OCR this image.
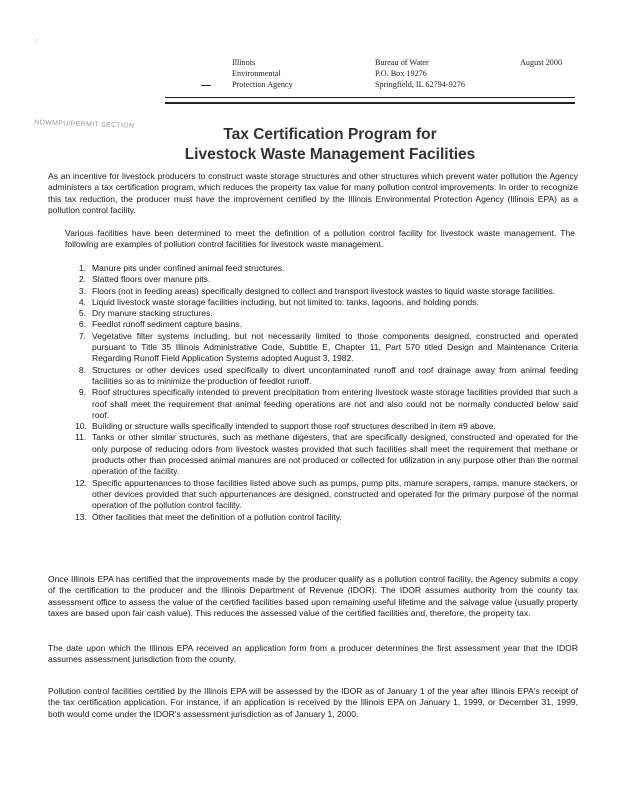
,
Illinois
Environmental
Protection Agency
Bureau of Water
P.O. Box 19276
Springfield, IL 62794-9276
August 2000
NOWMPU/PERMIT SECTION
Tax Certification Program for
Livestock Waste Management Facilities
As an incentive for livestock producers to construct waste storage structures and other structures which prevent water pollution the Agency administers a tax certification program, which reduces the property tax value for many pollution control improvements. In order to recognize this tax reduction, the producer must have the improvement certified by the Illinois Environmental Protection Agency (Illinois EPA) as a pollution control facility.
Various facilities have been determined to meet the definition of a pollution control facility for livestock waste management. The following are examples of pollution control facilities for livestock waste management.
1. Manure pits under confined animal feed structures.
2. Slatted floors over manure pits.
3. Floors (not in feeding areas) specifically designed to collect and transport livestock wastes to liquid waste storage facilities.
4. Liquid livestock waste storage facilities including, but not limited to: tanks, lagoons, and holding ponds.
5. Dry manure stacking structures.
6. Feedlot runoff sediment capture basins.
7. Vegetative filter systems including, but not necessarily limited to those components designed, constructed and operated pursuant to Title 35 Illinois Administrative Code, Subtitle E, Chapter 11, Part 570 titled Design and Maintenance Criteria Regarding Runoff Field Application Systems adopted August 3, 1982.
8. Structures or other devices used specifically to divert uncontaminated runoff and roof drainage away from animal feeding facilities so as to minimize the production of feedlot runoff.
9. Roof structures specifically intended to prevent precipitation from entering livestock waste storage facilities provided that such a roof shall meet the requirement that animal feeding operations are not and also could not be normally conducted below said roof.
10. Building or structure walls specifically intended to support those roof structures described in item #9 above.
11. Tanks or other similar structures, such as methane digesters, that are specifically designed, constructed and operated for the only purpose of reducing odors from livestock wastes provided that such facilities shall meet the requirement that methane or products other than processed animal manures are not produced or collected for utilization in any purpose other than the normal operation of the facility.
12. Specific appurtenances to those facilities listed above such as pumps, pump pits, manure scrapers, ramps, manure stackers, or other devices provided that such appurtenances are designed, constructed and operated for the primary purpose of the normal operation of the pollution control facility.
13. Other facilities that meet the definition of a pollution control facility.
Once Illinois EPA has certified that the improvements made by the producer qualify as a pollution control facility, the Agency submits a copy of the certification to the producer and the Illinois Department of Revenue (IDOR). The IDOR assumes authority from the county tax assessment office to assess the value of the certified facilities based upon remaining useful lifetime and the salvage value (usually property taxes are based upon fair cash value). This reduces the assessed value of the certified facilities and, therefore, the property tax.
The date upon which the Illinois EPA received an application form from a producer determines the first assessment year that the IDOR assumes assessment jurisdiction from the county.
Pollution control facilities certified by the Illinois EPA will be assessed by the IDOR as of January 1 of the year after Illinois EPA's receipt of the tax certification application. For instance, if an application is received by the Illinois EPA on January 1, 1999, or December 31, 1999, both would come under the IDOR's assessment jurisdiction as of January 1, 2000.
